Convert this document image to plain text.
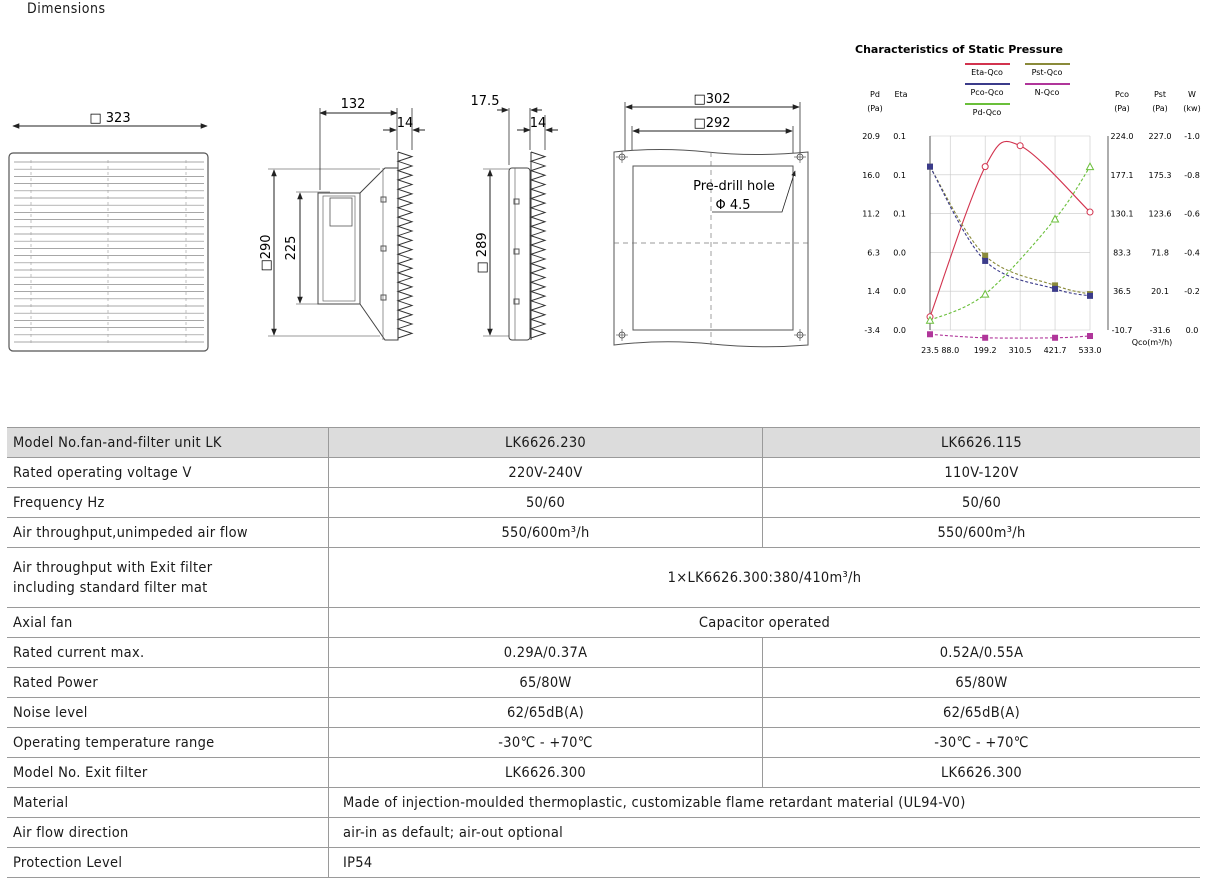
Dimensions
□ 323
132
14
□290 225
17.5
14
□ 289
□302
□292
Pre-drill hole
Φ 4.5
Characteristics of Static Pressure
Eta-Qco	Pst-Qco
Pco-Qco	N-Qco
Pd-Qco
Pd
(Pa)
-3.4
1.4
6.3
11.2
16.0
20.9
Eta
0.0
0.0
0.0
0.1
0.1
0.1
Pco
(Pa)
-10.7
36.5
83.3
130.1
177.1
224.0
Pst
(Pa)
-31.6
20.1
71.8
123.6
175.3
227.0
W
(kw)
0.0
-0.2
-0.4
-0.6
-0.8
-1.0
23.5 88.0 199.2 310.5 421.7 533.0
Qco(m³/h)
Model No.fan-and-filter unit LK	LK6626.230	LK6626.115
Rated operating voltage V	220V-240V	110V-120V
Frequency Hz	50/60	50/60
Air throughput,unimpeded air flow	550/600m³/h	550/600m³/h

Air throughput with Exit filter
including standard filter mat	1×LK6626.300:380/410m³/h	
Axial fan	Capacitor operated	
Rated current max.	0.29A/0.37A	0.52A/0.55A
Rated Power	65/80W	65/80W
Noise level	62/65dB(A)	62/65dB(A)
Operating temperature range	-30℃ - +70℃	-30℃ - +70℃
Model No. Exit filter	LK6626.300	LK6626.300
Material	Made of injection-moulded thermoplastic, customizable flame retardant material (UL94-V0)	
Air flow direction	air-in as default; air-out optional	
Protection Level	IP54	
